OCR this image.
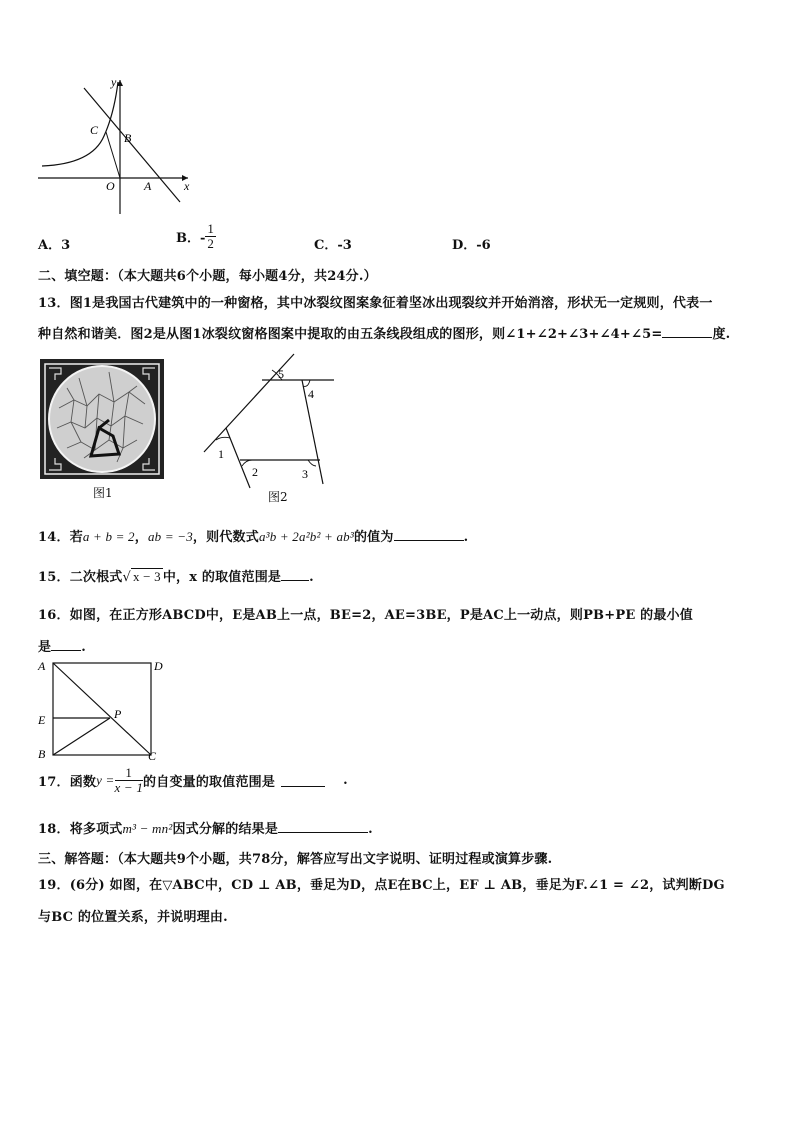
y
x
C
B
O A
A．3	B．- $\frac{1}{2}$	C．-3	D．-6
二、填空题：（本大题共6个小题，每小题4分，共24分.）
13．图1是我国古代建筑中的一种窗格，其中冰裂纹图案象征着坚冰出现裂纹并开始消溶，形状无一定规则，代表一
种自然和谐美．图2是从图1冰裂纹窗格图案中提取的由五条线段组成的图形，则∠1+∠2+∠3+∠4+∠5=	度.
图1
1
2	3
4
5
图2
14．若a + b = 2，ab = −3，则代数式a³b + 2a²b² + ab³的值为	.
15．二次根式√ x − 3 中，x 的取值范围是 .
16．如图，在正方形ABCD中，E是AB上一点，BE=2，AE=3BE，P是AC上一动点，则PB+PE 的最小值
是 .
A	D
E	P
B	C
17．函数$y = \frac{1}{x - 1}$ 的自变量的取值范围是	.
18．将多项式m³ − mn²因式分解的结果是	.
三、解答题：（本大题共9个小题，共78分，解答应写出文字说明、证明过程或演算步骤.
19．(6分) 如图，在▽ABC中，CD ⊥ AB，垂足为D，点E在BC上，EF ⊥ AB，垂足为F.∠1 = ∠2，试判断DG
与BC 的位置关系，并说明理由.
